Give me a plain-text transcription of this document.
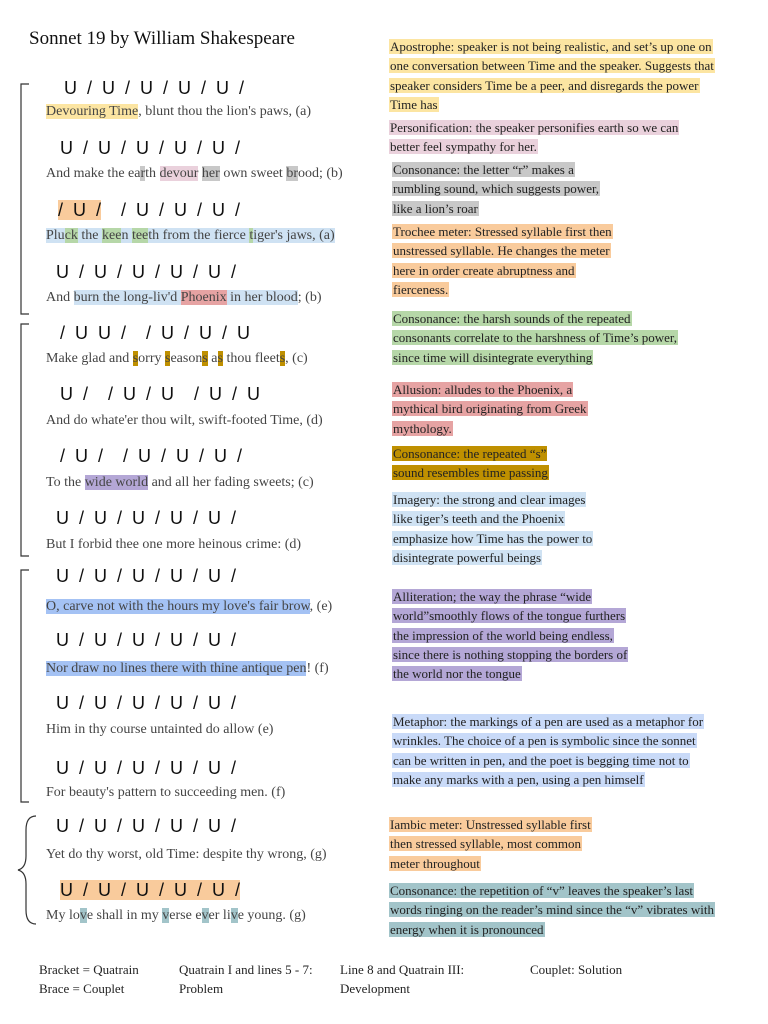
Sonnet 19 by William Shakespeare
U  /  U  /  U  /  U  /  U  /
U  /  U  /  U  /  U  /  U  /
/  U  / /  U  /  U  /  U  /
U  /  U  /  U  /  U  /  U  /
/  U  U  /    /  U  /  U  /  U
U  /    /  U  /  U    /  U  /  U
/  U  /    /  U  /  U  /  U  /
U  /  U  /  U  /  U  /  U  /
U  /  U  /  U  /  U  /  U  /
U  /  U  /  U  /  U  /  U  /
U  /  U  /  U  /  U  /  U  /
U  /  U  /  U  /  U  /  U  /
U  /  U  /  U  /  U  /  U  /
U  /  U  /  U  /  U  /  U  /
Devouring Time, blunt thou the lion's paws, (a)
And make the earth devour her own sweet brood; (b)
Pluck the keen teeth from the fierce tiger's jaws, (a)
And burn the long-liv'd Phoenix in her blood; (b)
Make glad and sorry seasons as thou fleets, (c)
And do whate'er thou wilt, swift-footed Time, (d)
To the wide world and all her fading sweets; (c)
But I forbid thee one more heinous crime: (d)
O, carve not with the hours my love's fair brow, (e)
Nor draw no lines there with thine antique pen! (f)
Him in thy course untainted do allow (e)
For beauty's pattern to succeeding men. (f)
Yet do thy worst, old Time: despite thy wrong, (g)
My love shall in my verse ever live young. (g)
Apostrophe: speaker is not being realistic, and set’s up one on one conversation between Time and the speaker. Suggests that speaker considers Time be a peer, and disregards the power Time has
Personification: the speaker personifies earth so we can better feel sympathy for her.
Consonance: the letter “r” makes a rumbling sound, which suggests power, like a lion’s roar
Trochee meter: Stressed syllable first then unstressed syllable. He changes the meter here in order create abruptness and fierceness.
Consonance: the harsh sounds of the repeated consonants correlate to the harshness of Time’s power, since time will disintegrate everything
Allusion: alludes to the Phoenix, a mythical bird originating from Greek mythology.
Consonance: the repeated “s” sound resembles time passing
Imagery: the strong and clear images like tiger’s teeth and the Phoenix emphasize how Time has the power to disintegrate powerful beings
Alliteration; the way the phrase “wide world”smoothly flows of the tongue furthers the impression of the world being endless, since there is nothing stopping the borders of the world nor the tongue
Metaphor: the markings of a pen are used as a metaphor for wrinkles. The choice of a pen is symbolic since the sonnet can be written in pen, and the poet is begging time not to make any marks with a pen, using a pen himself
Iambic meter: Unstressed syllable first then stressed syllable, most common meter throughout
Consonance: the repetition of “v” leaves the speaker’s last words ringing on the reader’s mind since the “v” vibrates with energy when it is pronounced
Bracket = Quatrain
Brace = Couplet
Quatrain I and lines 5 - 7:
Problem
Line 8 and Quatrain III:
Development
Couplet: Solution
